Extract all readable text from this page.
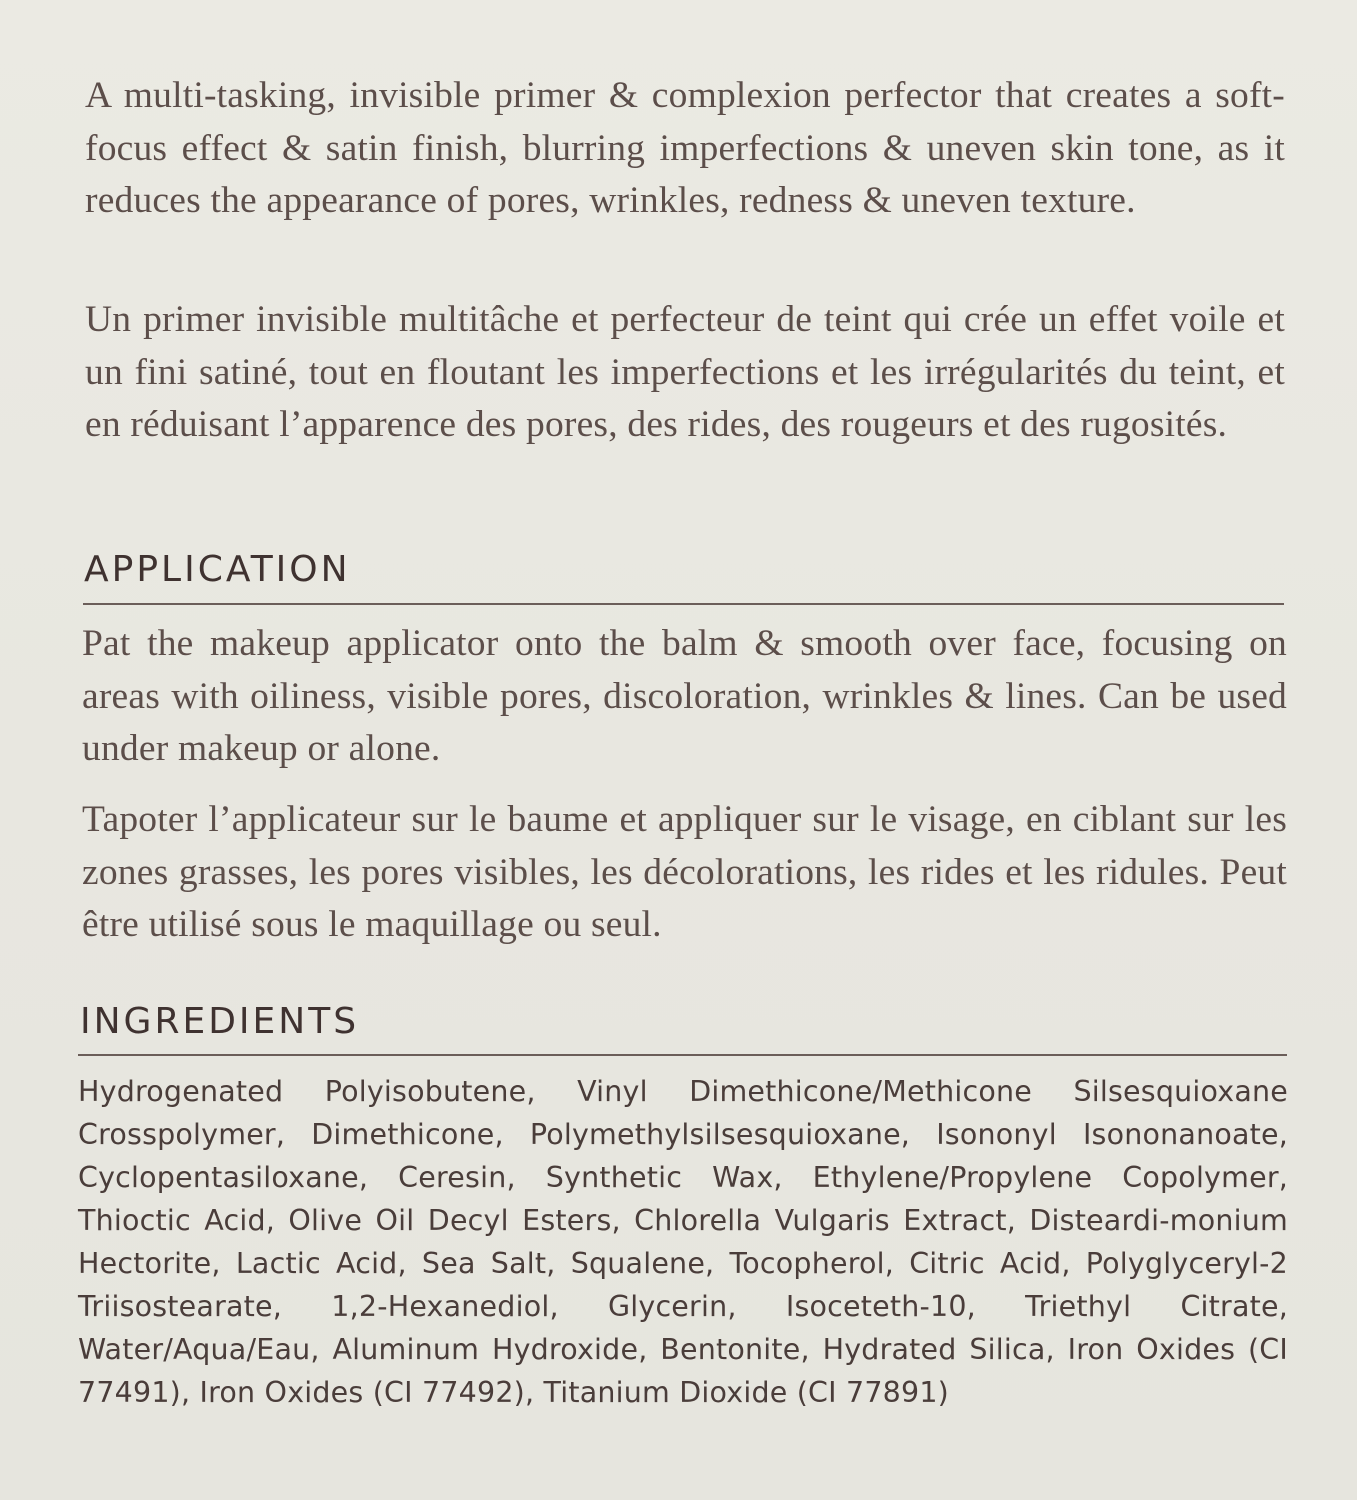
A multi-tasking, invisible primer & complexion perfector that creates a soft-focus effect & satin finish, blurring imperfections & uneven skin tone, as it reduces the appearance of pores, wrinkles, redness & uneven texture.

Un primer invisible multitâche et perfecteur de teint qui crée un effet voile et un fini satiné, tout en floutant les imperfections et les irrégularités du teint, et en réduisant l’apparence des pores, des rides, des rougeurs et des rugosités.

APPLICATION

Pat the makeup applicator onto the balm & smooth over face, focusing on areas with oiliness, visible pores, discoloration, wrinkles & lines. Can be used under makeup or alone.

Tapoter l’applicateur sur le baume et appliquer sur le visage, en ciblant sur les zones grasses, les pores visibles, les décolorations, les rides et les ridules. Peut être utilisé sous le maquillage ou seul.

INGREDIENTS

Hydrogenated Polyisobutene, Vinyl Dimethicone/Methicone Silsesquioxane Crosspolymer, Dimethicone, Polymethylsilsesquioxane, Isononyl Isononanoate, Cyclopentasiloxane, Ceresin, Synthetic Wax, Ethylene/Propylene Copolymer, Thioctic Acid, Olive Oil Decyl Esters, Chlorella Vulgaris Extract, Disteardi-monium Hectorite, Lactic Acid, Sea Salt, Squalene, Tocopherol, Citric Acid, Polyglyceryl-2 Triisostearate, 1,2-Hexanediol, Glycerin, Isoceteth-10, Triethyl Citrate, Water/Aqua/Eau, Aluminum Hydroxide, Bentonite, Hydrated Silica, Iron Oxides (CI 77491), Iron Oxides (CI 77492), Titanium Dioxide (CI 77891)
